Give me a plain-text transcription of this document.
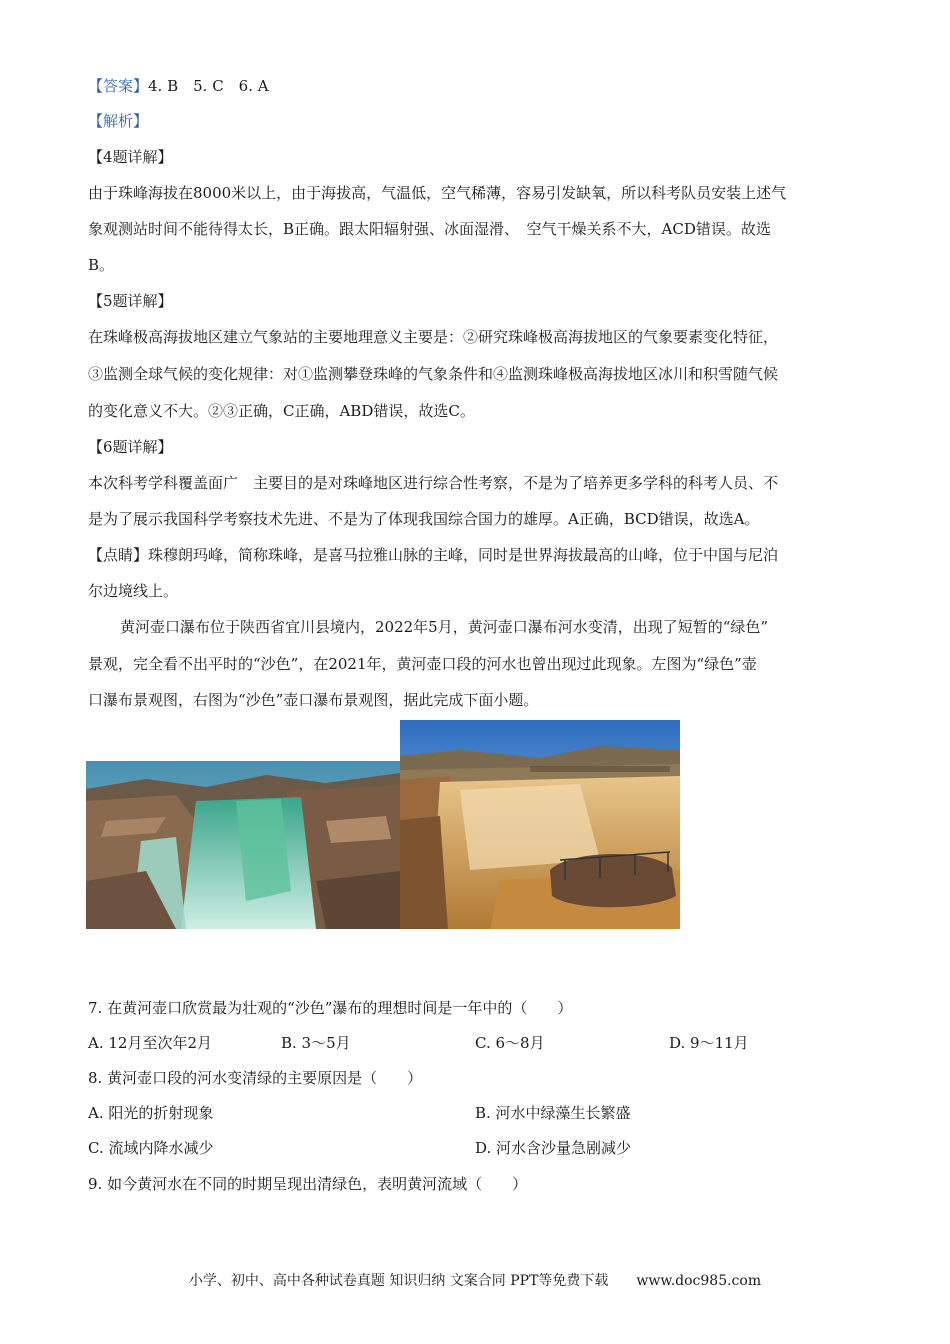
【答案】4. B　5. C　6. A
【解析】
【4题详解】
由于珠峰海拔在8000米以上，由于海拔高，气温低，空气稀薄，容易引发缺氧，所以科考队员安装上述气
象观测站时间不能待得太长，B正确。跟太阳辐射强、冰面湿滑、　空气干燥关系不大，ACD错误。故选
B。
【5题详解】
在珠峰极高海拔地区建立气象站的主要地理意义主要是：②研究珠峰极高海拔地区的气象要素变化特征，
③监测全球气候的变化规律：对①监测攀登珠峰的气象条件和④监测珠峰极高海拔地区冰川和积雪随气候
的变化意义不大。②③正确，C正确，ABD错误，故选C。
【6题详解】
本次科考学科覆盖面广　主要目的是对珠峰地区进行综合性考察，不是为了培养更多学科的科考人员、不
是为了展示我国科学考察技术先进、不是为了体现我国综合国力的雄厚。A正确，BCD错误，故选A。
【点睛】珠穆朗玛峰，简称珠峰，是喜马拉雅山脉的主峰，同时是世界海拔最高的山峰，位于中国与尼泊
尔边境线上。
黄河壶口瀑布位于陕西省宜川县境内，2022年5月，黄河壶口瀑布河水变清，出现了短暂的“绿色”
景观，完全看不出平时的“沙色”，在2021年，黄河壶口段的河水也曾出现过此现象。左图为“绿色”壶
口瀑布景观图，右图为“沙色”壶口瀑布景观图，据此完成下面小题。
7. 在黄河壶口欣赏最为壮观的“沙色”瀑布的理想时间是一年中的（　　）
A. 12月至次年2月	B. 3～5月	C. 6～8月	D. 9～11月
8. 黄河壶口段的河水变清绿的主要原因是（　　）
A. 阳光的折射现象	B. 河水中绿藻生长繁盛
C. 流域内降水减少	D. 河水含沙量急剧减少
9. 如今黄河水在不同的时期呈现出清绿色，表明黄河流域（　　）
小学、初中、高中各种试卷真题 知识归纳 文案合同 PPT等免费下载　　www.doc985.com
